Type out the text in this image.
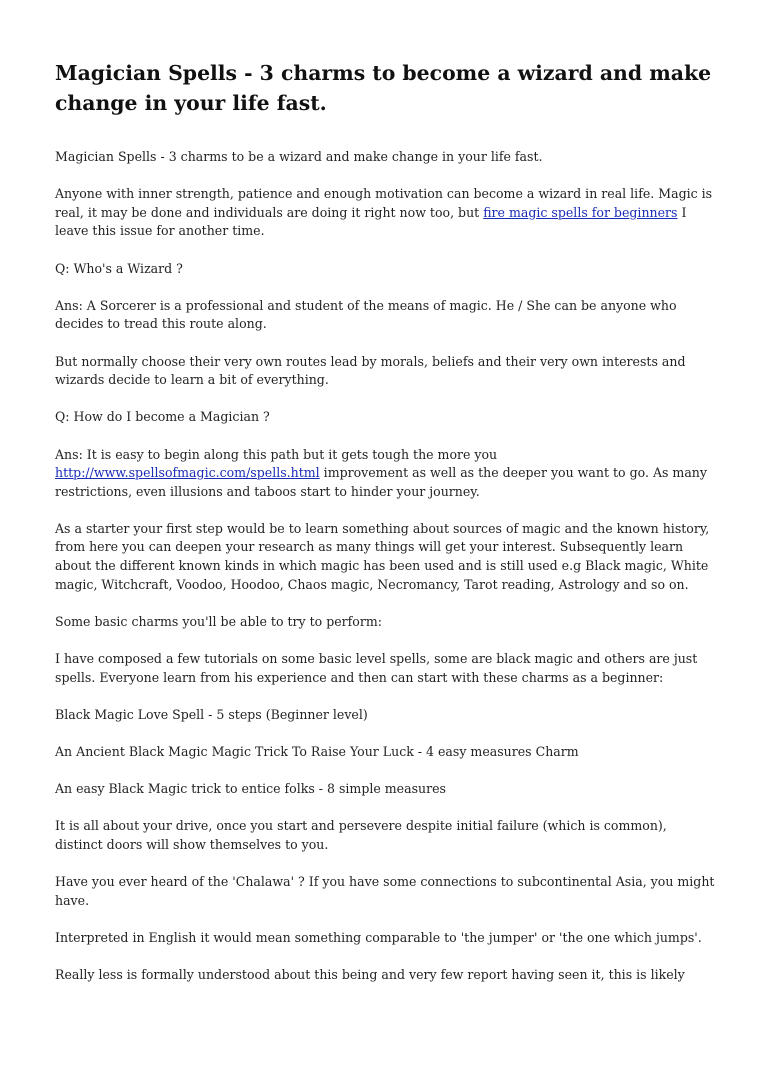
Magician Spells - 3 charms to become a wizard and make change in your life fast.

Magician Spells - 3 charms to be a wizard and make change in your life fast.

Anyone with inner strength, patience and enough motivation can become a wizard in real life. Magic is real, it may be done and individuals are doing it right now too, but fire magic spells for beginners I leave this issue for another time.

Q: Who's a Wizard ?

Ans: A Sorcerer is a professional and student of the means of magic. He / She can be anyone who decides to tread this route along.

But normally choose their very own routes lead by morals, beliefs and their very own interests and wizards decide to learn a bit of everything.

Q: How do I become a Magician ?

Ans: It is easy to begin along this path but it gets tough the more you http://www.spellsofmagic.com/spells.html improvement as well as the deeper you want to go. As many restrictions, even illusions and taboos start to hinder your journey.

As a starter your first step would be to learn something about sources of magic and the known history, from here you can deepen your research as many things will get your interest. Subsequently learn about the different known kinds in which magic has been used and is still used e.g Black magic, White magic, Witchcraft, Voodoo, Hoodoo, Chaos magic, Necromancy, Tarot reading, Astrology and so on.

Some basic charms you'll be able to try to perform:

I have composed a few tutorials on some basic level spells, some are black magic and others are just spells. Everyone learn from his experience and then can start with these charms as a beginner:

Black Magic Love Spell - 5 steps (Beginner level)

An Ancient Black Magic Magic Trick To Raise Your Luck - 4 easy measures Charm

An easy Black Magic trick to entice folks - 8 simple measures

It is all about your drive, once you start and persevere despite initial failure (which is common), distinct doors will show themselves to you.

Have you ever heard of the 'Chalawa' ? If you have some connections to subcontinental Asia, you might have.

Interpreted in English it would mean something comparable to 'the jumper' or 'the one which jumps'.

Really less is formally understood about this being and very few report having seen it, this is likely
